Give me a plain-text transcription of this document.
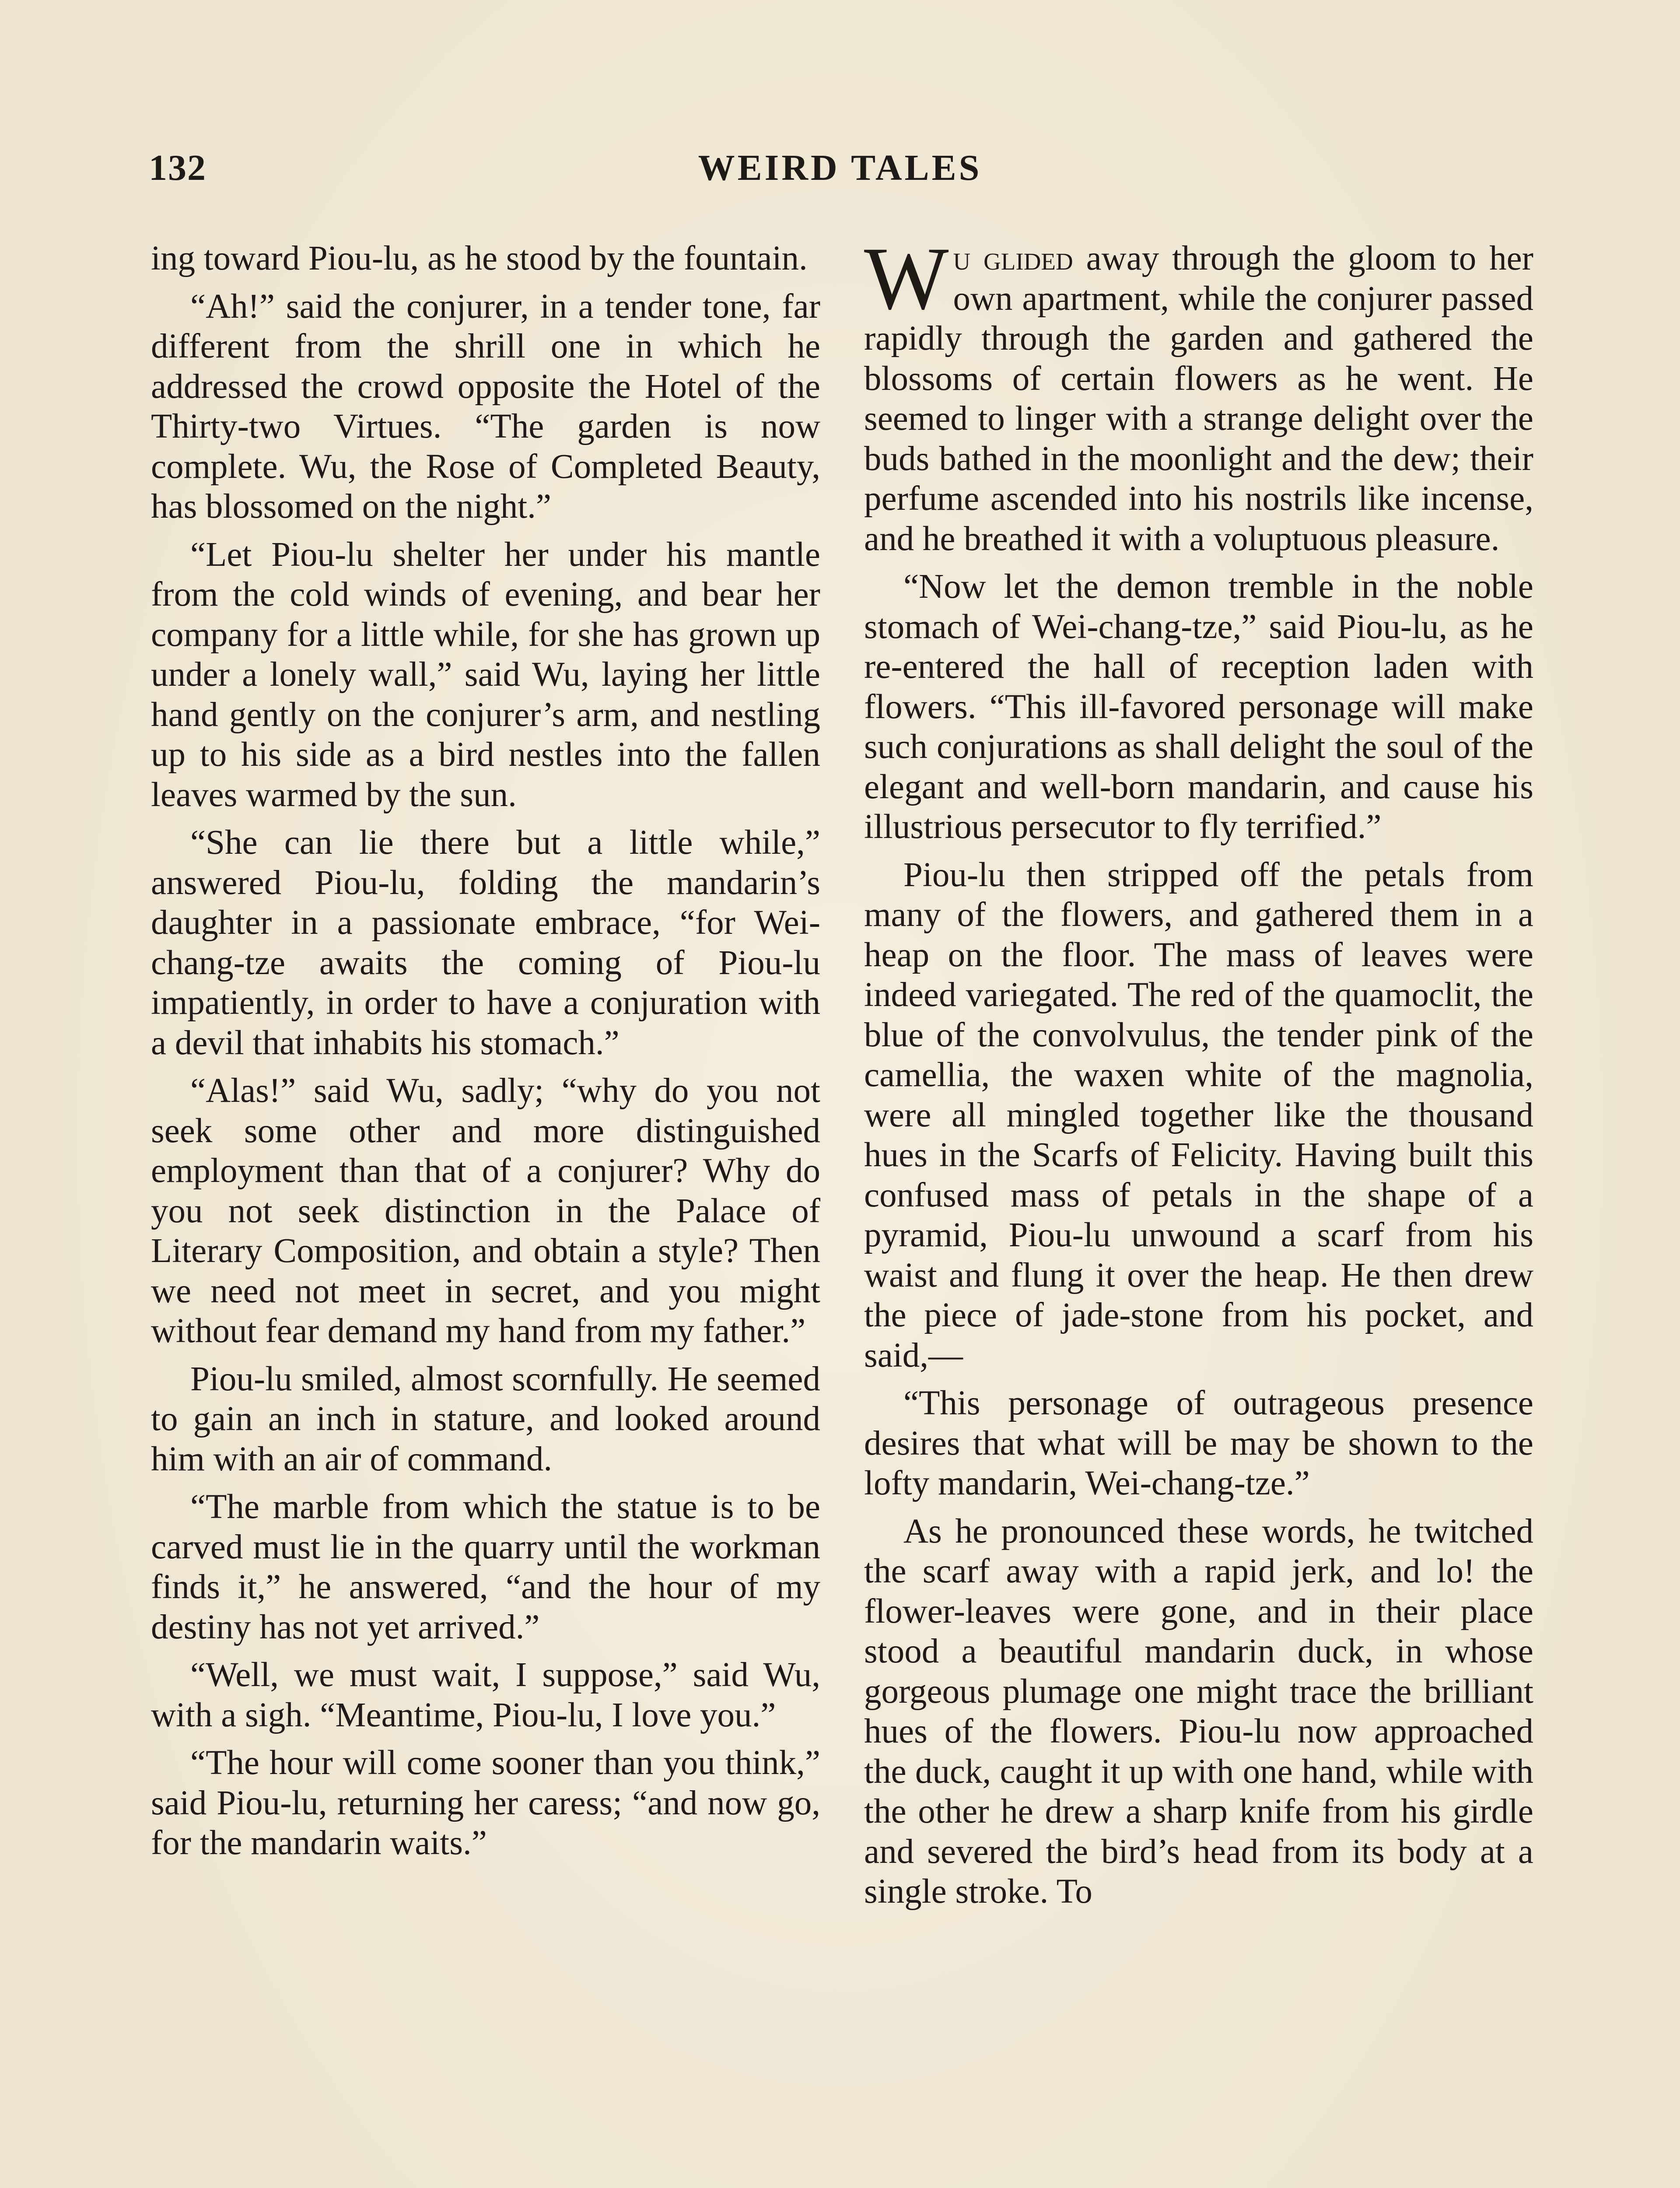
132	WEIRD TALES

ing toward Piou-lu, as he stood by the fountain.

“Ah!” said the conjurer, in a tender tone, far different from the shrill one in which he addressed the crowd opposite the Hotel of the Thirty-two Virtues. “The garden is now complete. Wu, the Rose of Completed Beauty, has blossomed on the night.”

“Let Piou-lu shelter her under his mantle from the cold winds of evening, and bear her company for a little while, for she has grown up under a lonely wall,” said Wu, laying her little hand gently on the conjurer’s arm, and nestling up to his side as a bird nestles into the fallen leaves warmed by the sun.

“She can lie there but a little while,” answered Piou-lu, folding the mandarin’s daughter in a passionate embrace, “for Wei-chang-tze awaits the coming of Piou-lu impatiently, in order to have a conjuration with a devil that inhabits his stomach.”

“Alas!” said Wu, sadly; “why do you not seek some other and more distinguished employment than that of a conjurer? Why do you not seek distinction in the Palace of Literary Composition, and obtain a style? Then we need not meet in secret, and you might without fear demand my hand from my father.”

Piou-lu smiled, almost scornfully. He seemed to gain an inch in stature, and looked around him with an air of command.

“The marble from which the statue is to be carved must lie in the quarry until the workman finds it,” he answered, “and the hour of my destiny has not yet arrived.”

“Well, we must wait, I suppose,” said Wu, with a sigh. “Meantime, Piou-lu, I love you.”

“The hour will come sooner than you think,” said Piou-lu, returning her caress; “and now go, for the mandarin waits.”

Wu glided away through the gloom to her own apartment, while the conjurer passed rapidly through the garden and gathered the blossoms of certain flowers as he went. He seemed to linger with a strange delight over the buds bathed in the moonlight and the dew; their perfume ascended into his nostrils like incense, and he breathed it with a voluptuous pleasure.

“Now let the demon tremble in the noble stomach of Wei-chang-tze,” said Piou-lu, as he re-entered the hall of reception laden with flowers. “This ill-favored personage will make such conjurations as shall delight the soul of the elegant and well-born mandarin, and cause his illustrious persecutor to fly terrified.”

Piou-lu then stripped off the petals from many of the flowers, and gathered them in a heap on the floor. The mass of leaves were indeed variegated. The red of the quamoclit, the blue of the convolvulus, the tender pink of the camellia, the waxen white of the magnolia, were all mingled together like the thousand hues in the Scarfs of Felicity. Having built this confused mass of petals in the shape of a pyramid, Piou-lu unwound a scarf from his waist and flung it over the heap. He then drew the piece of jade-stone from his pocket, and said,—

“This personage of outrageous presence desires that what will be may be shown to the lofty mandarin, Wei-chang-tze.”

As he pronounced these words, he twitched the scarf away with a rapid jerk, and lo! the flower-leaves were gone, and in their place stood a beautiful mandarin duck, in whose gorgeous plumage one might trace the brilliant hues of the flowers. Piou-lu now approached the duck, caught it up with one hand, while with the other he drew a sharp knife from his girdle and severed the bird’s head from its body at a single stroke. To
